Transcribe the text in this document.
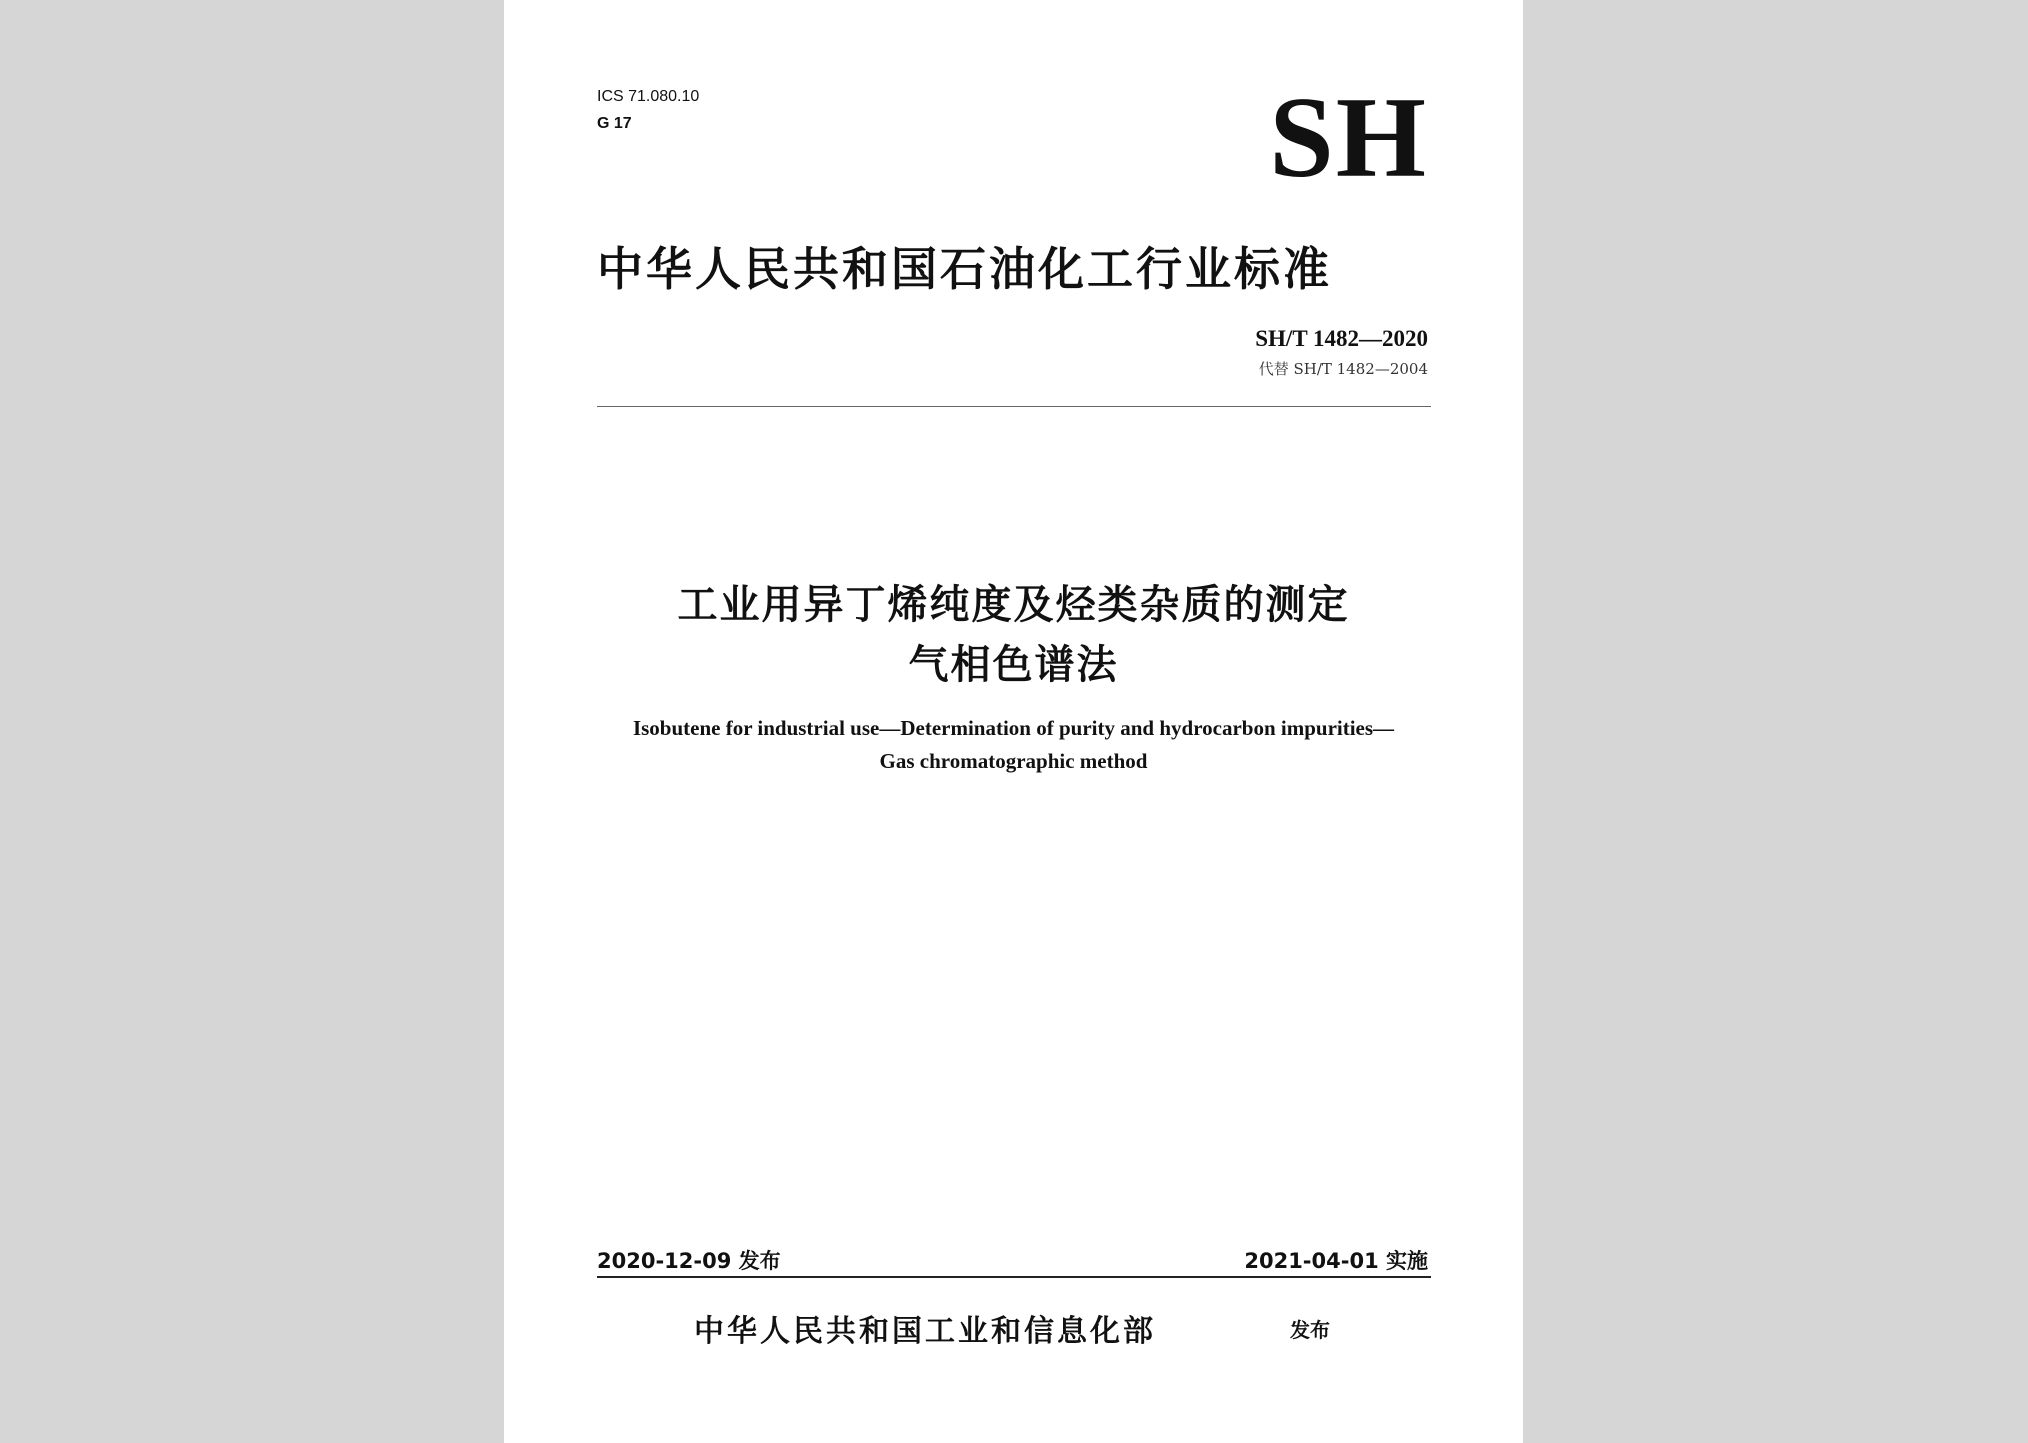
ICS 71.080.10
G 17	SH
中华人民共和国石油化工行业标准
SH/T 1482—2020
代替 SH/T 1482—2004
工业用异丁烯纯度及烃类杂质的测定
气相色谱法
Isobutene for industrial use—Determination of purity and hydrocarbon impurities—
Gas chromatographic method
2020-12-09 发布	2021-04-01 实施
中华人民共和国工业和信息化部	发布
